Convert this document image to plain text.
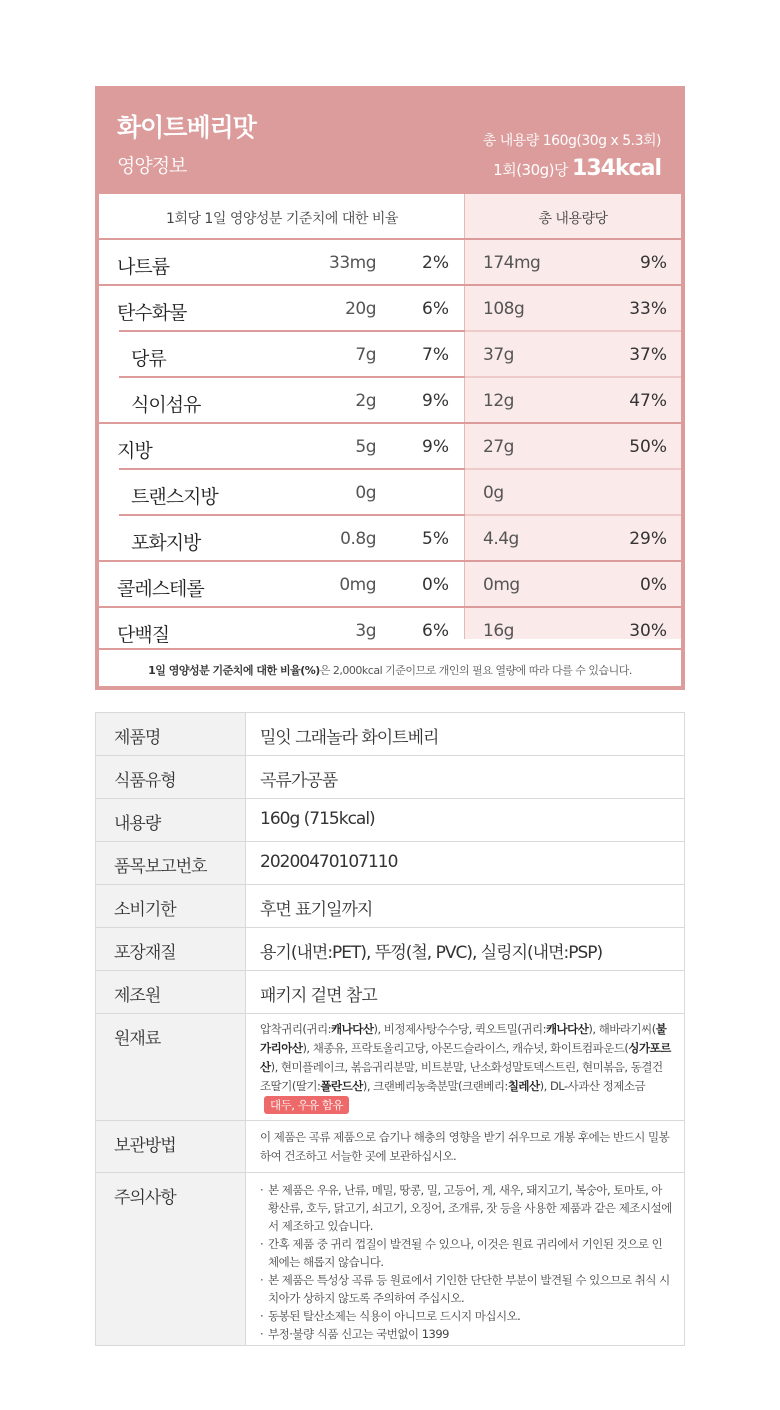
화이트베리맛
영양정보
총 내용량 160g(30g x 5.3회)
1회(30g)당 134kcal
1회당 1일 영양성분 기준치에 대한 비율	총 내용량당
나트륨	33mg	2% 174mg	9%
탄수화물	20g	6% 108g	33%
당류	7g	7% 37g	37%
식이섬유	2g	9% 12g	47%
지방	5g	9% 27g	50%
트랜스지방	0g	0g
포화지방	0.8g	5% 4.4g	29%
콜레스테롤	0mg	0% 0mg	0%
단백질	3g	6% 16g	30%
1일 영양성분 기준치에 대한 비율(%)은 2,000kcal 기준이므로 개인의 필요 열량에 따라 다를 수 있습니다.
제품명	밀잇 그래놀라 화이트베리
식품유형	곡류가공품
내용량	160g (715kcal)
품목보고번호	20200470107110
소비기한	후면 표기일까지
포장재질	용기(내면:PET), 뚜껑(철, PVC), 실링지(내면:PSP)
제조원	패키지 겉면 참고
원재료	압착귀리(귀리:캐나다산), 비정제사탕수수당, 퀵오트밀(귀리:캐나다산), 해바라기씨(불가리아산), 채종유, 프락토올리고당, 아몬드슬라이스, 캐슈넛, 화이트컴파운드(싱가포르산), 현미플레이크, 볶음귀리분말, 비트분말, 난소화성말토덱스트린, 현미볶음, 동결건조딸기(딸기:폴란드산), 크랜베리농축분말(크랜베리:칠레산), DL-사과산 정제소금대두, 우유 함유
보관방법	이 제품은 곡류 제품으로 습기나 해충의 영향을 받기 쉬우므로 개봉 후에는 반드시 밀봉하여 건조하고 서늘한 곳에 보관하십시오.
주의사항
·	본 제품은 우유, 난류, 메밀, 땅콩, 밀, 고등어, 게, 새우, 돼지고기, 복숭아, 토마토, 아황산류, 호두, 닭고기, 쇠고기, 오징어, 조개류, 잣 등을 사용한 제품과 같은 제조시설에서 제조하고 있습니다.
· 간혹 제품 중 귀리 껍질이 발견될 수 있으나, 이것은 원료 귀리에서 기인된 것으로 인체에는 해롭지 않습니다.
· 본 제품은 특성상 곡류 등 원료에서 기인한 단단한 부분이 발견될 수 있으므로 취식 시 치아가 상하지 않도록 주의하여 주십시오.
· 동봉된 탈산소제는 식용이 아니므로 드시지 마십시오.
· 부정·불량 식품 신고는 국번없이 1399
